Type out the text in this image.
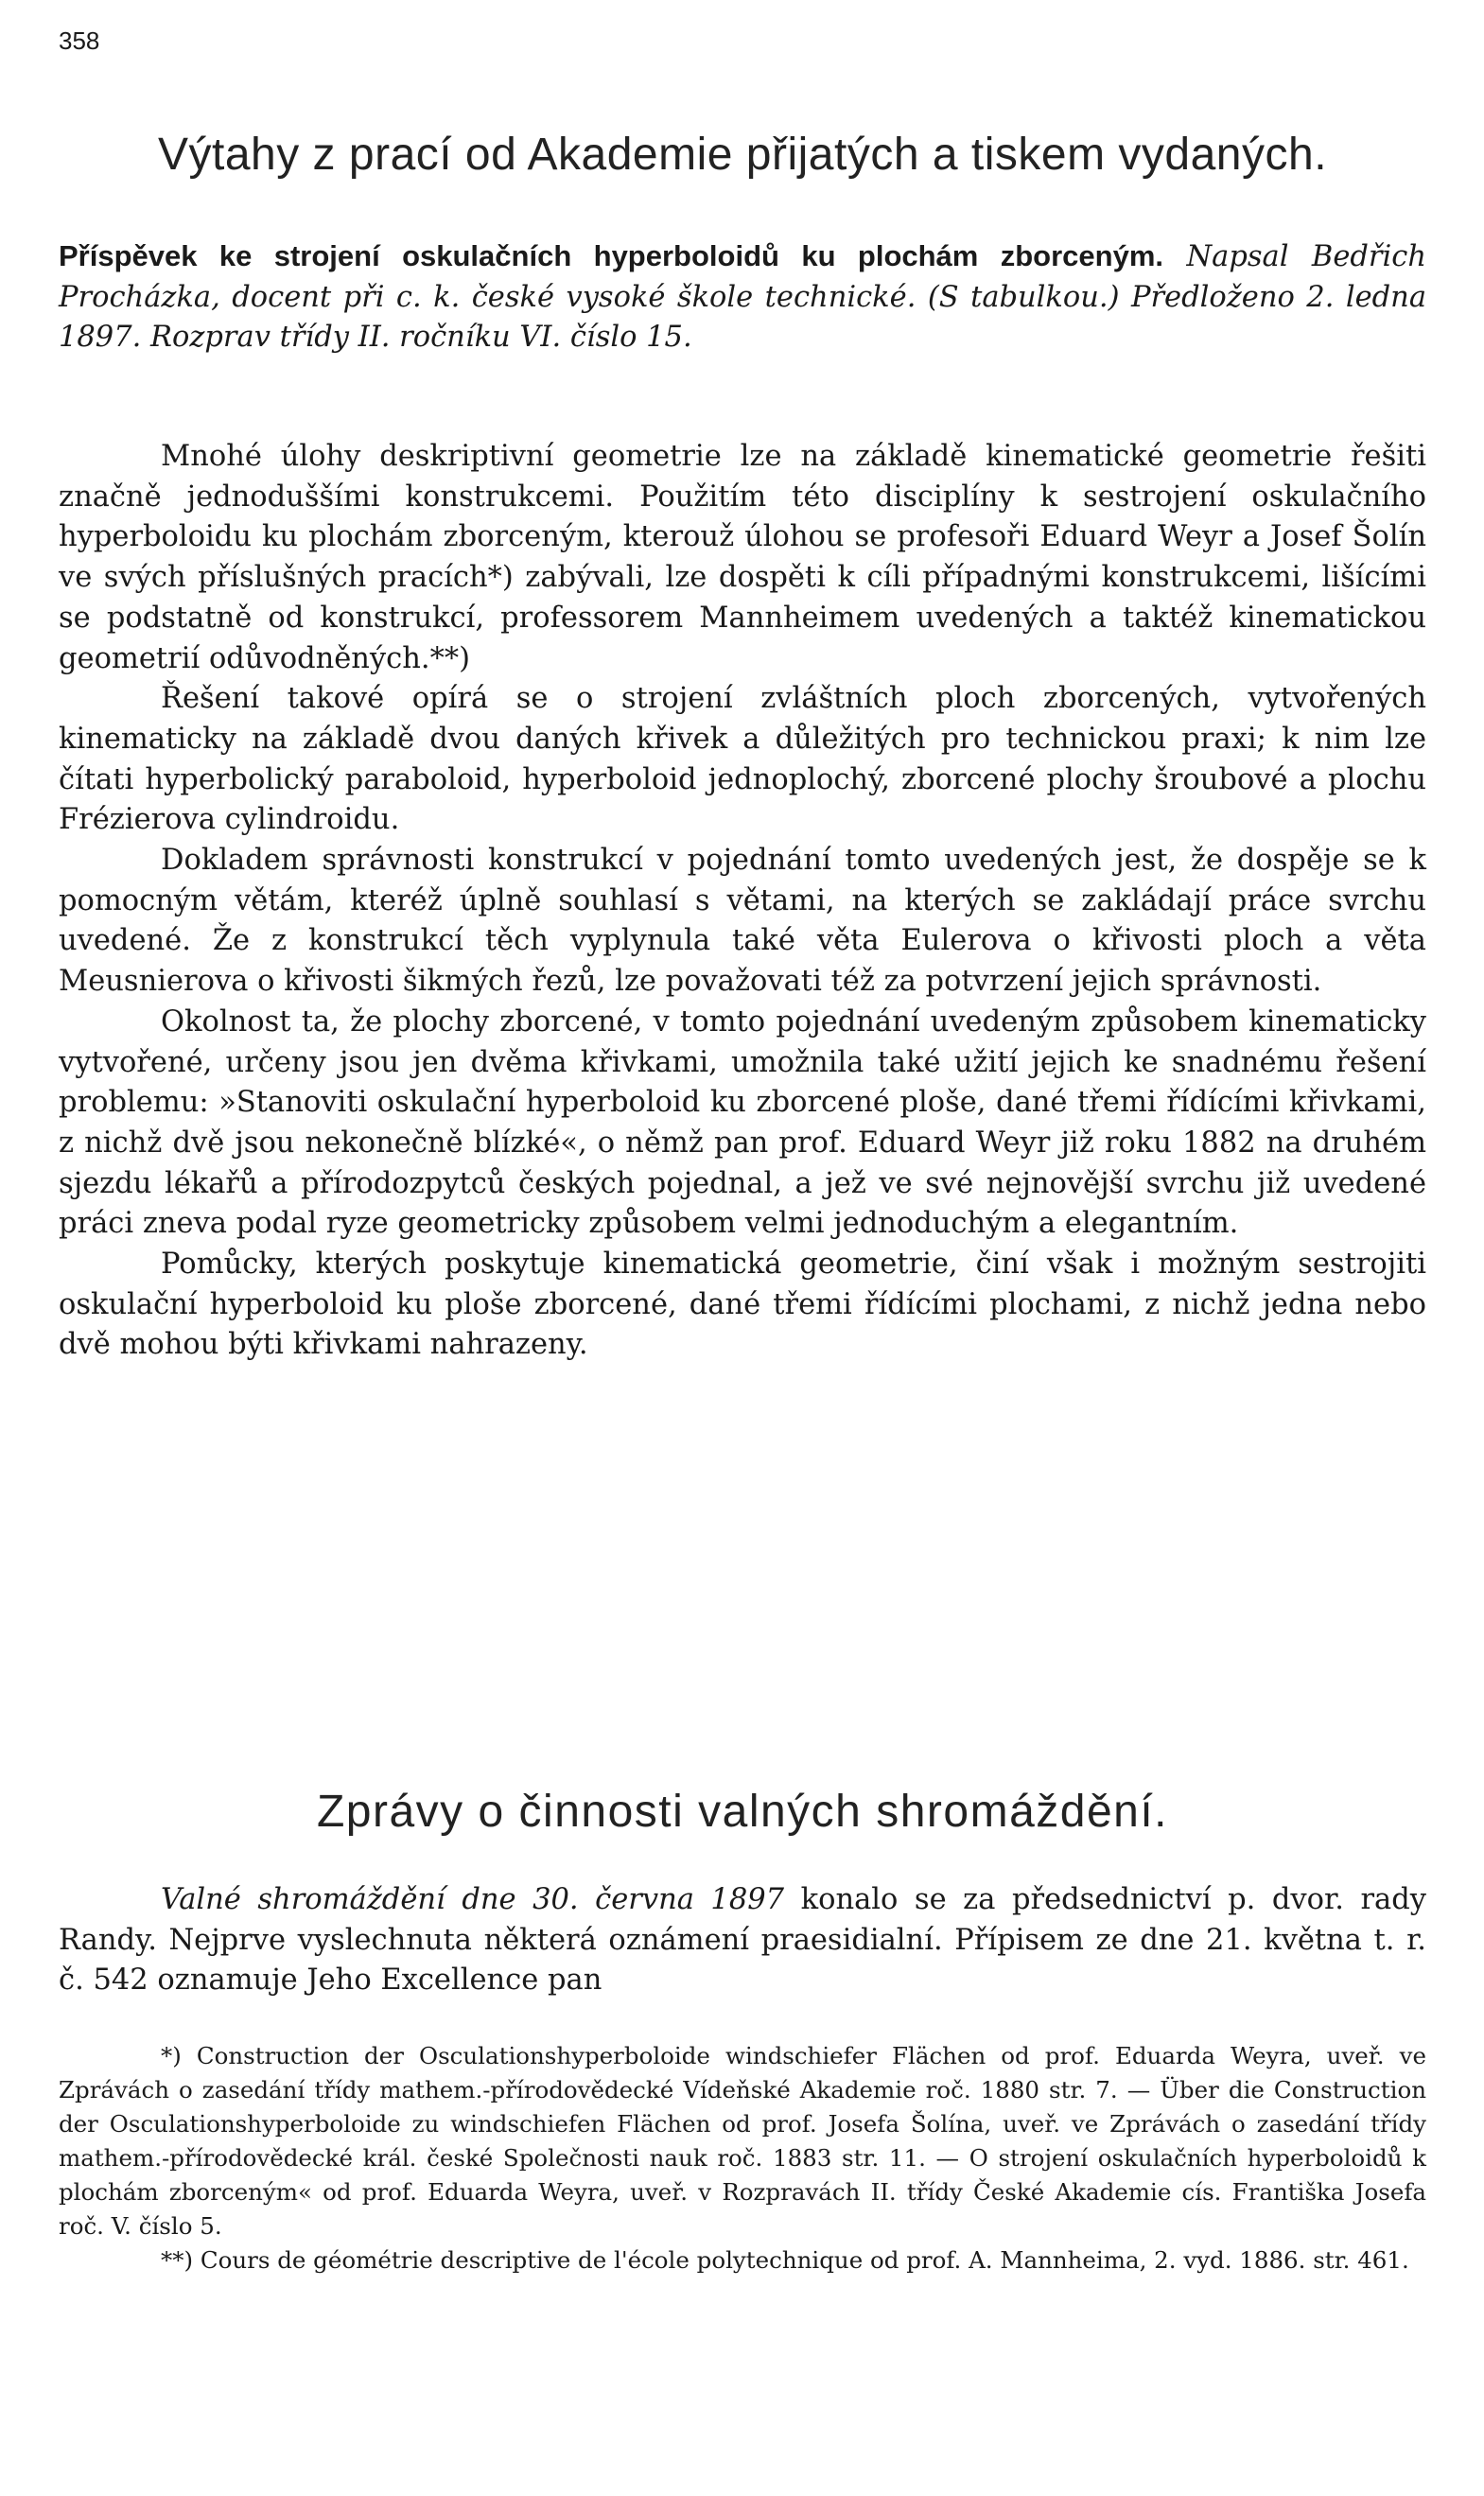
358
Výtahy z prací od Akademie přijatých a tiskem vydaných.
Příspěvek ke strojení oskulačních hyperboloidů ku plochám zborceným. Napsal Bedřich Procházka, docent při c. k. české vysoké škole technické. (S tabulkou.) Předloženo 2. ledna 1897. Rozprav třídy II. ročníku VI. číslo 15.

Mnohé úlohy deskriptivní geometrie lze na základě kinematické geometrie řešiti značně jednoduššími konstrukcemi. Použitím této disciplíny k sestrojení oskulačního hyperboloidu ku plochám zborceným, kterouž úlohou se profesoři Eduard Weyr a Josef Šolín ve svých příslušných pracích*) zabývali, lze dospěti k cíli případnými konstrukcemi, lišícími se podstatně od konstrukcí, professorem Mannheimem uvedených a taktéž kinematickou geometrií odůvodněných.**)

Řešení takové opírá se o strojení zvláštních ploch zborcených, vytvořených kinematicky na základě dvou daných křivek a důležitých pro technickou praxi; k nim lze čítati hyperbolický paraboloid, hyperboloid jednoplochý, zborcené plochy šroubové a plochu Frézierova cylindroidu.

Dokladem správnosti konstrukcí v pojednání tomto uvedených jest, že dospěje se k pomocným větám, kteréž úplně souhlasí s větami, na kterých se zakládají práce svrchu uvedené. Že z konstrukcí těch vyplynula také věta Eulerova o křivosti ploch a věta Meusnierova o křivosti šikmých řezů, lze považovati též za potvrzení jejich správnosti.

Okolnost ta, že plochy zborcené, v tomto pojednání uvedeným způsobem kinematicky vytvořené, určeny jsou jen dvěma křivkami, umožnila také užití jejich ke snadnému řešení problemu: »Stanoviti oskulační hyperboloid ku zborcené ploše, dané třemi řídícími křivkami, z nichž dvě jsou nekonečně blízké«, o němž pan prof. Eduard Weyr již roku 1882 na druhém sjezdu lékařů a přírodozpytců českých pojednal, a jež ve své nejnovější svrchu již uvedené práci zneva podal ryze geometricky způsobem velmi jednoduchým a elegantním.

Pomůcky, kterých poskytuje kinematická geometrie, činí však i možným sestrojiti oskulační hyperboloid ku ploše zborcené, dané třemi řídícími plochami, z nichž jedna nebo dvě mohou býti křivkami nahrazeny.

Zprávy o činnosti valných shromáždění.

Valné shromáždění dne 30. června 1897 konalo se za předsednictví p. dvor. rady Randy. Nejprve vyslechnuta některá oznámení praesidialní. Přípisem ze dne 21. května t. r. č. 542 oznamuje Jeho Excellence pan

*) Construction der Osculationshyperboloide windschiefer Flächen od prof. Eduarda Weyra, uveř. ve Zprávách o zasedání třídy mathem.-přírodovědecké Vídeňské Akademie roč. 1880 str. 7. — Über die Construction der Osculationshyperboloide zu windschiefen Flächen od prof. Josefa Šolína, uveř. ve Zprávách o zasedání třídy mathem.-přírodovědecké král. české Společnosti nauk roč. 1883 str. 11. — O strojení oskulačních hyperboloidů k plochám zborceným« od prof. Eduarda Weyra, uveř. v Rozpravách II. třídy České Akademie cís. Františka Josefa roč. V. číslo 5.

**) Cours de géométrie descriptive de l'école polytechnique od prof. A. Mannheima, 2. vyd. 1886. str. 461.
